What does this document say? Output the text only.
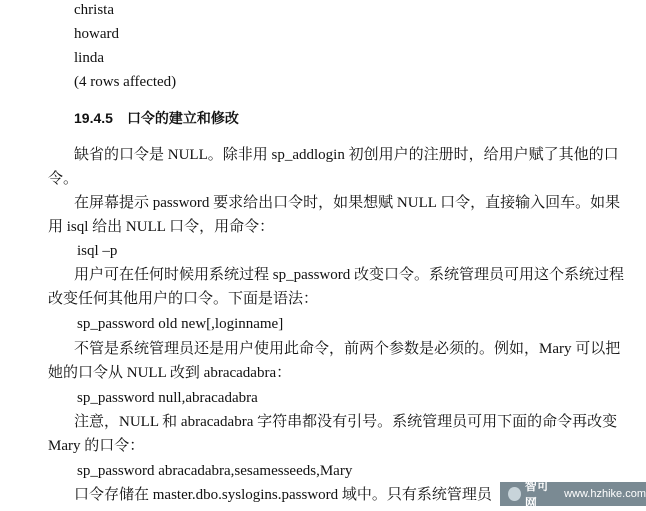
christa
howard
linda
(4 rows affected)
19.4.5 口令的建立和修改
缺省的口令是 NULL。除非用 sp_addlogin 初创用户的注册时，给用户赋了其他的口
令。
在屏幕提示 password 要求给出口令时，如果想赋 NULL 口令，直接输入回车。如果
用 isql 给出 NULL 口令，用命令：
isql –p
用户可在任何时候用系统过程 sp_password 改变口令。系统管理员可用这个系统过程
改变任何其他用户的口令。下面是语法：
sp_password old new[,loginname]
不管是系统管理员还是用户使用此命令，前两个参数是必须的。例如，Mary 可以把
她的口令从 NULL 改到 abracadabra：
sp_password null,abracadabra
注意，NULL 和 abracadabra 字符串都没有引号。系统管理员可用下面的命令再改变
Mary 的口令：
sp_password abracadabra,sesamesseeds,Mary
口令存储在 master.dbo.syslogins.password 域中。只有系统管理员
智可网
www.hzhike.com
